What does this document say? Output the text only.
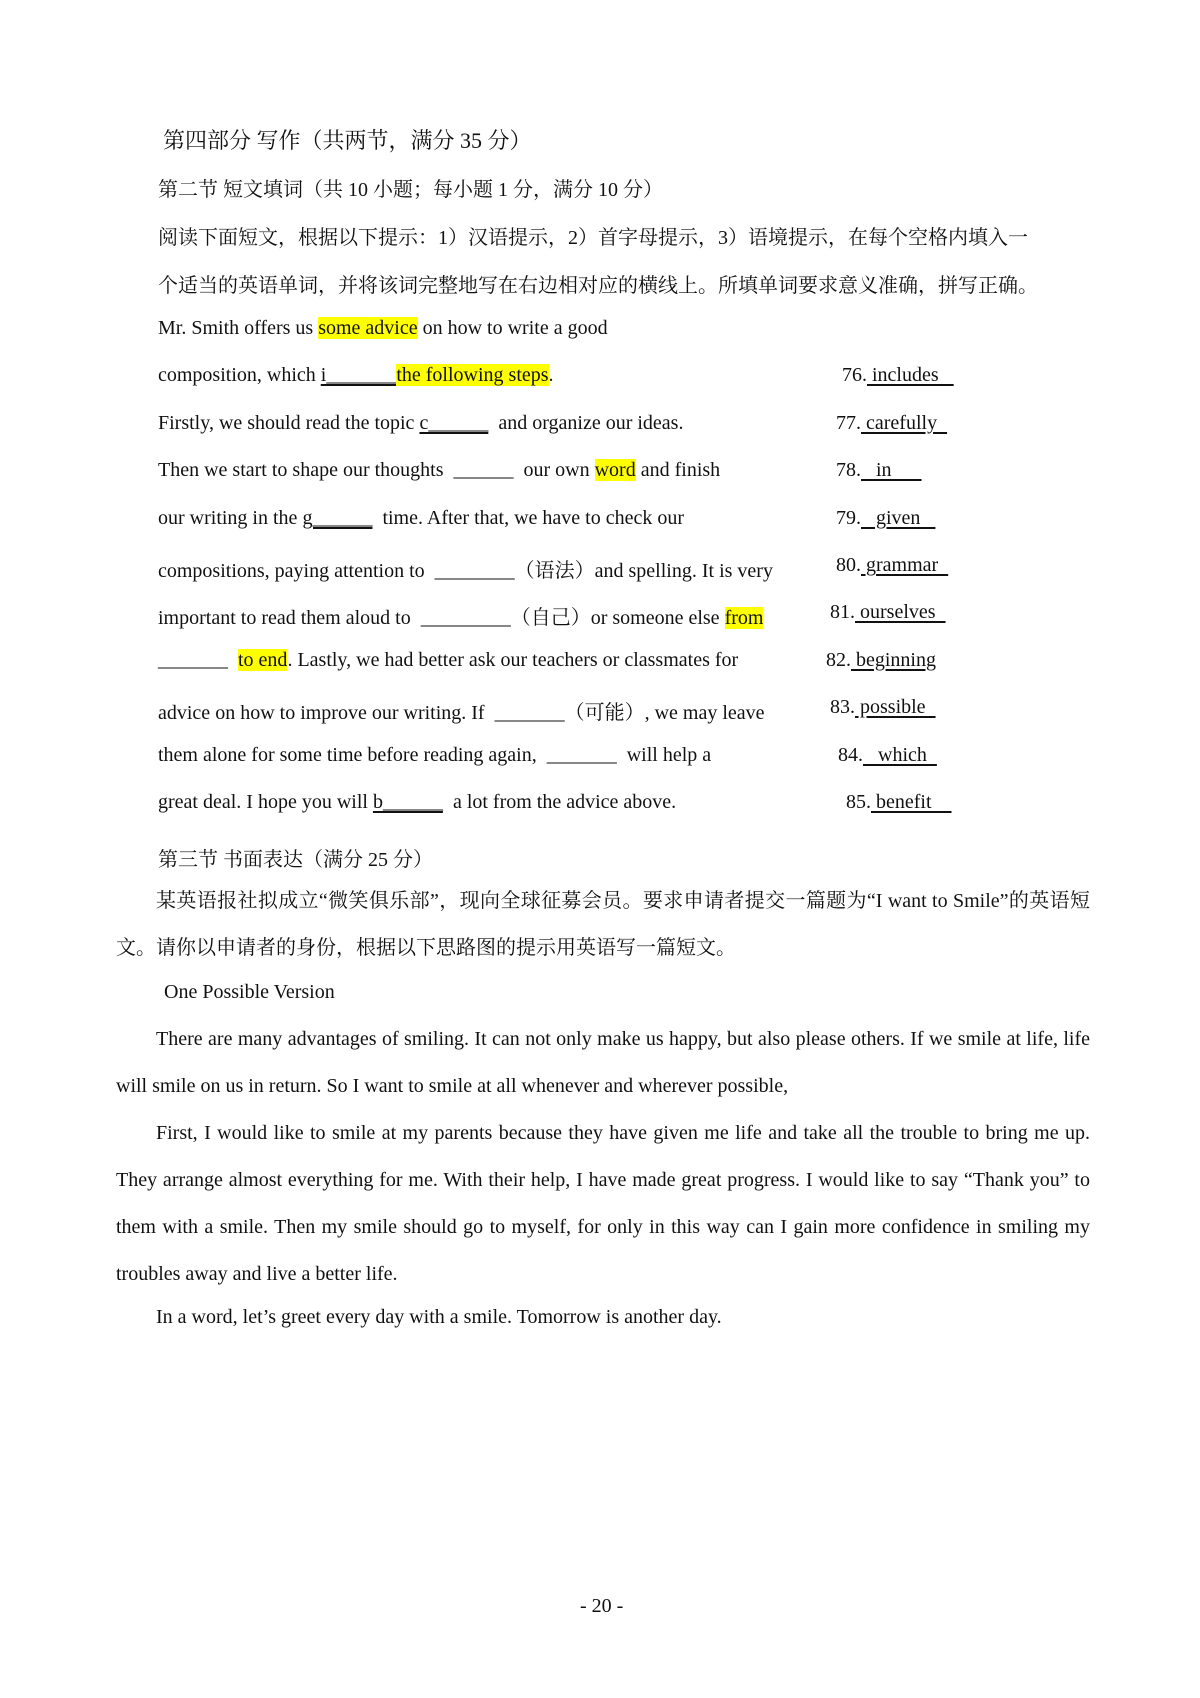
第四部分 写作（共两节，满分 35 分）
第二节 短文填词（共 10 小题；每小题 1 分，满分 10 分）
阅读下面短文，根据以下提示：1）汉语提示，2）首字母提示，3）语境提示，在每个空格内填入一
个适当的英语单词，并将该词完整地写在右边相对应的横线上。所填单词要求意义准确，拼写正确。
Mr. Smith offers us some advice on how to write a good
composition, which i_______the following steps.
Firstly, we should read the topic c______  and organize our ideas.
Then we start to shape our thoughts  ______  our own word and finish
our writing in the g______  time. After that, we have to check our
compositions, paying attention to  ________（语法）and spelling. It is very
important to read them aloud to  _________（自己）or someone else from
_______  to end. Lastly, we had better ask our teachers or classmates for
advice on how to improve our writing. If  _______（可能）, we may leave
them alone for some time before reading again,  _______  will help a
great deal. I hope you will b______  a lot from the advice above.
76. includes
77. carefully
78.   in
79.   given
80. grammar
81. ourselves
82. beginning
83. possible
84.   which
85. benefit
第三节 书面表达（满分 25 分）

某英语报社拟成立“微笑俱乐部”，现向全球征募会员。要求申请者提交一篇题为“I want to Smile”的英语短文。请你以申请者的身份，根据以下思路图的提示用英语写一篇短文。

One Possible Version

There are many advantages of smiling. It can not only make us happy, but also please others. If we smile at life, life will smile on us in return. So I want to smile at all whenever and wherever possible,

First, I would like to smile at my parents because they have given me life and take all the trouble to bring me up. They arrange almost everything for me. With their help, I have made great progress. I would like to say “Thank you” to them with a smile. Then my smile should go to myself, for only in this way can I gain more confidence in smiling my troubles away and live a better life.

In a word, let’s greet every day with a smile. Tomorrow is another day.

- 20 -
